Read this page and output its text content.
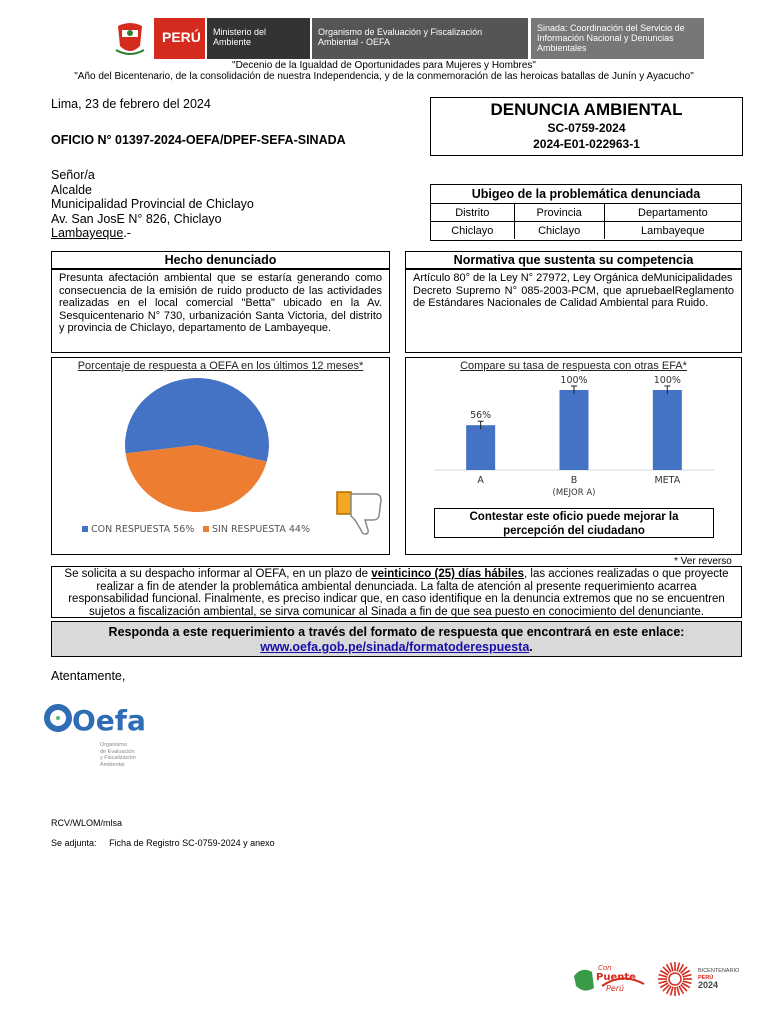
PERÚ	Ministerio del Ambiente
Organismo de Evaluación y Fiscalización Ambiental - OEFA
Sinada: Coordinación del Servicio de Información Nacional y Denuncias Ambientales
"Decenio de la Igualdad de Oportunidades para Mujeres y Hombres"
"Año del Bicentenario, de la consolidación de nuestra Independencia, y de la conmemoración de las heroicas batallas de Junín y Ayacucho"
Lima, 23 de febrero del 2024
OFICIO N° 01397-2024-OEFA/DPEF-SEFA-SINADA
Señor/a
Alcalde
Municipalidad Provincial de Chiclayo
Av. San JosE N° 826, Chiclayo
Lambayeque.-
DENUNCIA AMBIENTAL
SC-0759-2024
2024-E01-022963-1
Ubigeo de la problemática denunciada
Distrito	Provincia	Departamento
Chiclayo	Chiclayo	Lambayeque
Hecho denunciado
Presunta afectación ambiental que se estaría generando como consecuencia de la emisión de ruido producto de las actividades realizadas en el local comercial "Betta" ubicado en la Av. Sesquicentenario N° 730, urbanización Santa Victoria, del distrito y provincia de Chiclayo, departamento de Lambayeque.
Normativa que sustenta su competencia
Artículo 80° de la Ley N° 27972, Ley Orgánica deMunicipalidades
Decreto Supremo N° 085-2003-PCM, que apruebaelReglamento de Estándares Nacionales de Calidad Ambiental para Ruido.
Porcentaje de respuesta a OEFA en los últimos 12 meses*
CON RESPUESTA 56% SIN RESPUESTA 44%
Compare su tasa de respuesta con otras EFA*
56%
A
100%
B
(MEJOR A)
100%
META
Contestar este oficio puede mejorar la
percepción del ciudadano
* Ver reverso
Se solicita a su despacho informar al OEFA, en un plazo de veinticinco (25) días hábiles, las acciones realizadas o que proyecte realizar a fin de atender la problemática ambiental denunciada. La falta de atención al presente requerimiento acarrea responsabilidad funcional. Finalmente, es preciso indicar que, en caso identifique en la denuncia extremos que no se encuentren sujetos a fiscalización ambiental, se sirva comunicar al Sinada a fin de que sea puesto en conocimiento del denunciante.
Responda a este requerimiento a través del formato de respuesta que encontrará en este enlace:
www.oefa.gob.pe/sinada/formatoderespuesta.
Atentamente,
Oefa
Organismo
de Evaluación
y Fiscalización
Ambiental
RCV/WLOM/mlsa
Se adjunta: Ficha de Registro SC-0759-2024 y anexo
Con
Puente
Perú
BICENTENARIO
PERÚ
2024
